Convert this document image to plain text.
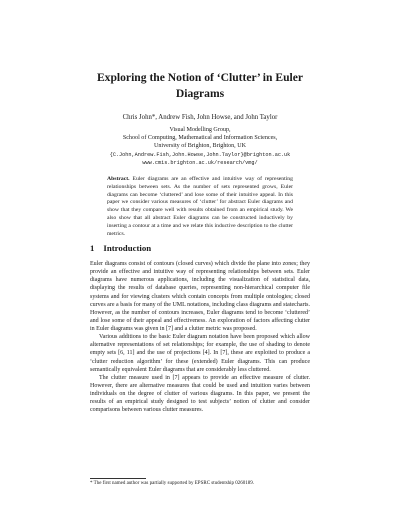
Exploring the Notion of ‘Clutter’ in Euler
Diagrams
Chris John*, Andrew Fish, John Howse, and John Taylor
Visual Modelling Group,
School of Computing, Mathematical and Information Sciences,
University of Brighton, Brighton, UK
{C.John,Andrew.Fish,John.Howse,John.Taylor}@brighton.ac.uk
www.cmis.brighton.ac.uk/research/vmg/
Abstract. Euler diagrams are an effective and intuitive way of representing relationships between sets. As the number of sets represented grows, Euler diagrams can become ‘cluttered’ and lose some of their intuitive appeal. In this paper we consider various measures of ‘clutter’ for abstract Euler diagrams and show that they compare well with results obtained from an empirical study. We also show that all abstract Euler diagrams can be constructed inductively by inserting a contour at a time and we relate this inductive description to the clutter metrics.
1 Introduction

Euler diagrams consist of contours (closed curves) which divide the plane into zones; they provide an effective and intuitive way of representing relationships between sets. Euler diagrams have numerous applications, including the visualization of statistical data, displaying the results of database queries, representing non-hierarchical computer file systems and for viewing clusters which contain concepts from multiple ontologies; closed curves are a basis for many of the UML notations, including class diagrams and statecharts. However, as the number of contours increases, Euler diagrams tend to become ‘cluttered’ and lose some of their appeal and effectiveness. An exploration of factors affecting clutter in Euler diagrams was given in [7] and a clutter metric was proposed.

Various additions to the basic Euler diagram notation have been proposed which allow alternative representations of set relationships; for example, the use of shading to denote empty sets [6, 11] and the use of projections [4]. In [7], these are exploited to produce a ‘clutter reduction algorithm’ for these (extended) Euler diagrams. This can produce semantically equivalent Euler diagrams that are considerably less cluttered.

The clutter measure used in [7] appears to provide an effective measure of clutter. However, there are alternative measures that could be used and intuition varies between individuals on the degree of clutter of various diagrams. In this paper, we present the results of an empirical study designed to test subjects’ notion of clutter and consider comparisons between various clutter measures.

* The first named author was partially supported by EPSRC studentship 0260189.
